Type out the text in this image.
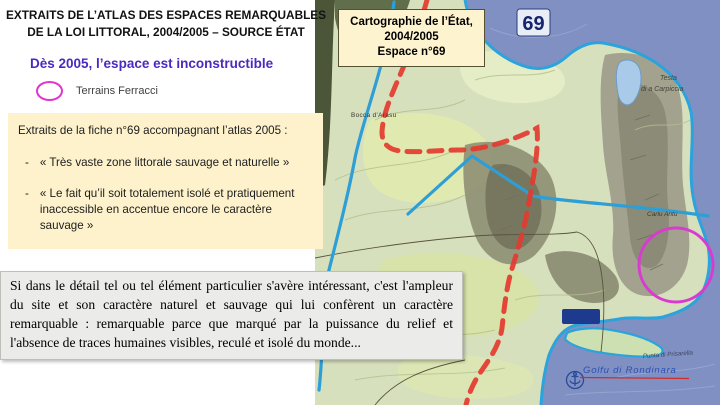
69
Bocca d'Arasu
Testa
di a Carpiccia
Carlu Antu
Punta di Prisarella
Golfu di Rondinara
Cartographie de l’État,
2004/2005
Espace n°69
EXTRAITS DE L’ATLAS DES ESPACES REMARQUABLES
DE LA LOI LITTORAL, 2004/2005 – SOURCE ÉTAT
Dès 2005, l’espace est inconstructible
Terrains Ferracci
Extraits de la fiche n°69 accompagnant l’atlas 2005 :
- « Très vaste zone littorale sauvage et naturelle »
- « Le fait qu’il soit totalement isolé et pratiquement inaccessible en accentue encore le caractère sauvage »
Si dans le détail tel ou tel élément particulier s'avère intéressant, c'est l'ampleur du site et son caractère naturel et sauvage qui lui confèrent un caractère remarquable : remarquable parce que marqué par la puissance du relief et l'absence de traces humaines visibles, reculé et isolé du monde...
